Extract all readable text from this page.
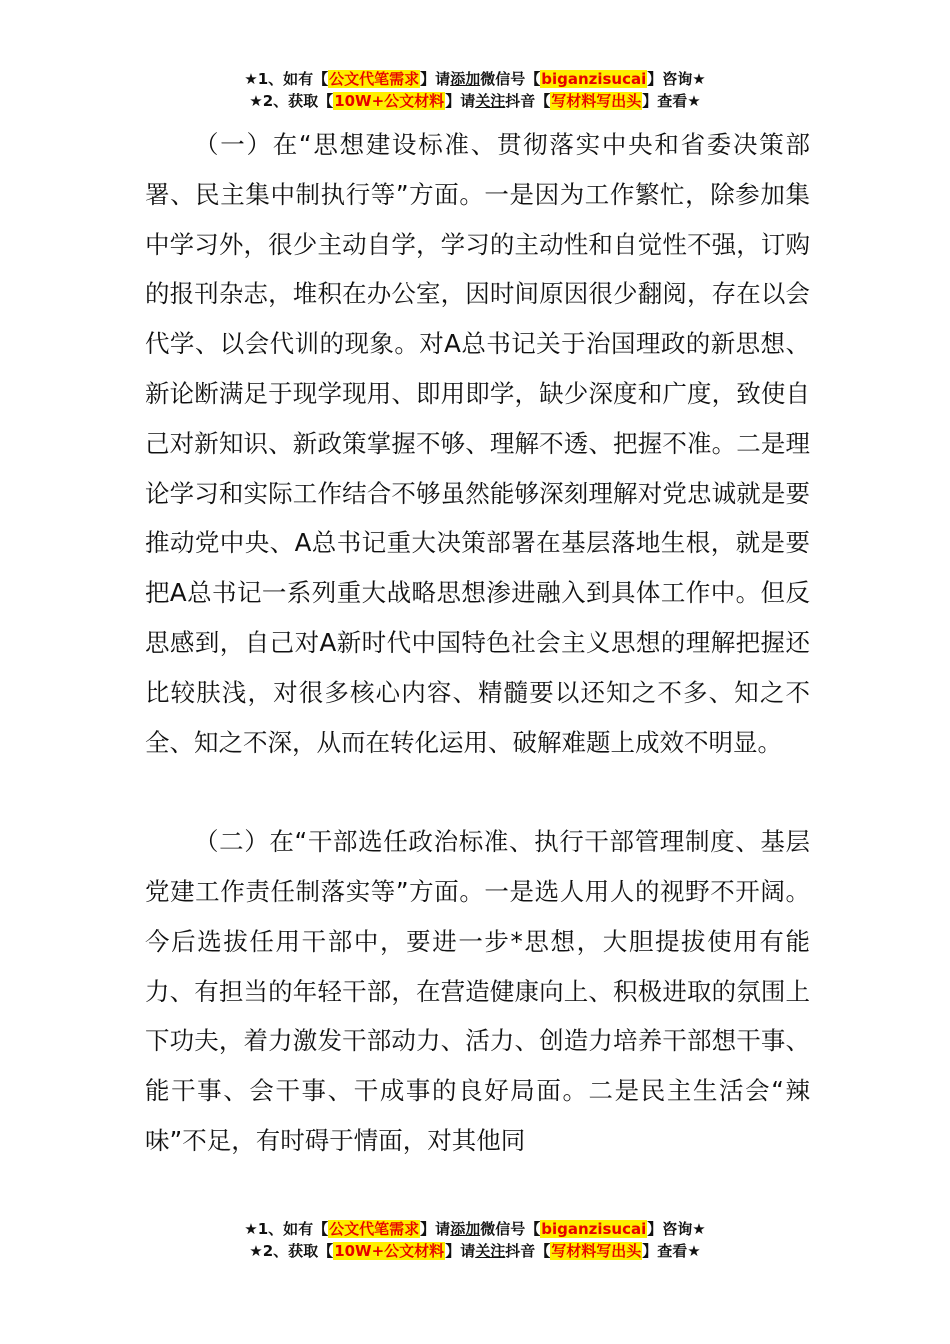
★1、如有【公文代笔需求】请添加微信号【biganzisucai】咨询★
★2、获取【10W+公文材料】请关注抖音【写材料写出头】查看★

（一）在“思想建设标准、贯彻落实中央和省委决策部署、民主集中制执行等”方面。一是因为工作繁忙，除参加集中学习外，很少主动自学，学习的主动性和自觉性不强，订购的报刊杂志，堆积在办公室，因时间原因很少翻阅，存在以会代学、以会代训的现象。对A总书记关于治国理政的新思想、新论断满足于现学现用、即用即学，缺少深度和广度，致使自己对新知识、新政策掌握不够、理解不透、把握不准。二是理论学习和实际工作结合不够虽然能够深刻理解对党忠诚就是要推动党中央、A总书记重大决策部署在基层落地生根，就是要把A总书记一系列重大战略思想渗进融入到具体工作中。但反思感到，自己对A新时代中国特色社会主义思想的理解把握还比较肤浅，对很多核心内容、精髓要以还知之不多、知之不全、知之不深，从而在转化运用、破解难题上成效不明显。

（二）在“干部选任政治标准、执行干部管理制度、基层党建工作责任制落实等”方面。一是选人用人的视野不开阔。今后选拔任用干部中，要进一步*思想，大胆提拔使用有能力、有担当的年轻干部，在营造健康向上、积极进取的氛围上下功夫，着力激发干部动力、活力、创造力培养干部想干事、能干事、会干事、干成事的良好局面。二是民主生活会“辣味”不足，有时碍于情面，对其他同

★1、如有【公文代笔需求】请添加微信号【biganzisucai】咨询★
★2、获取【10W+公文材料】请关注抖音【写材料写出头】查看★
